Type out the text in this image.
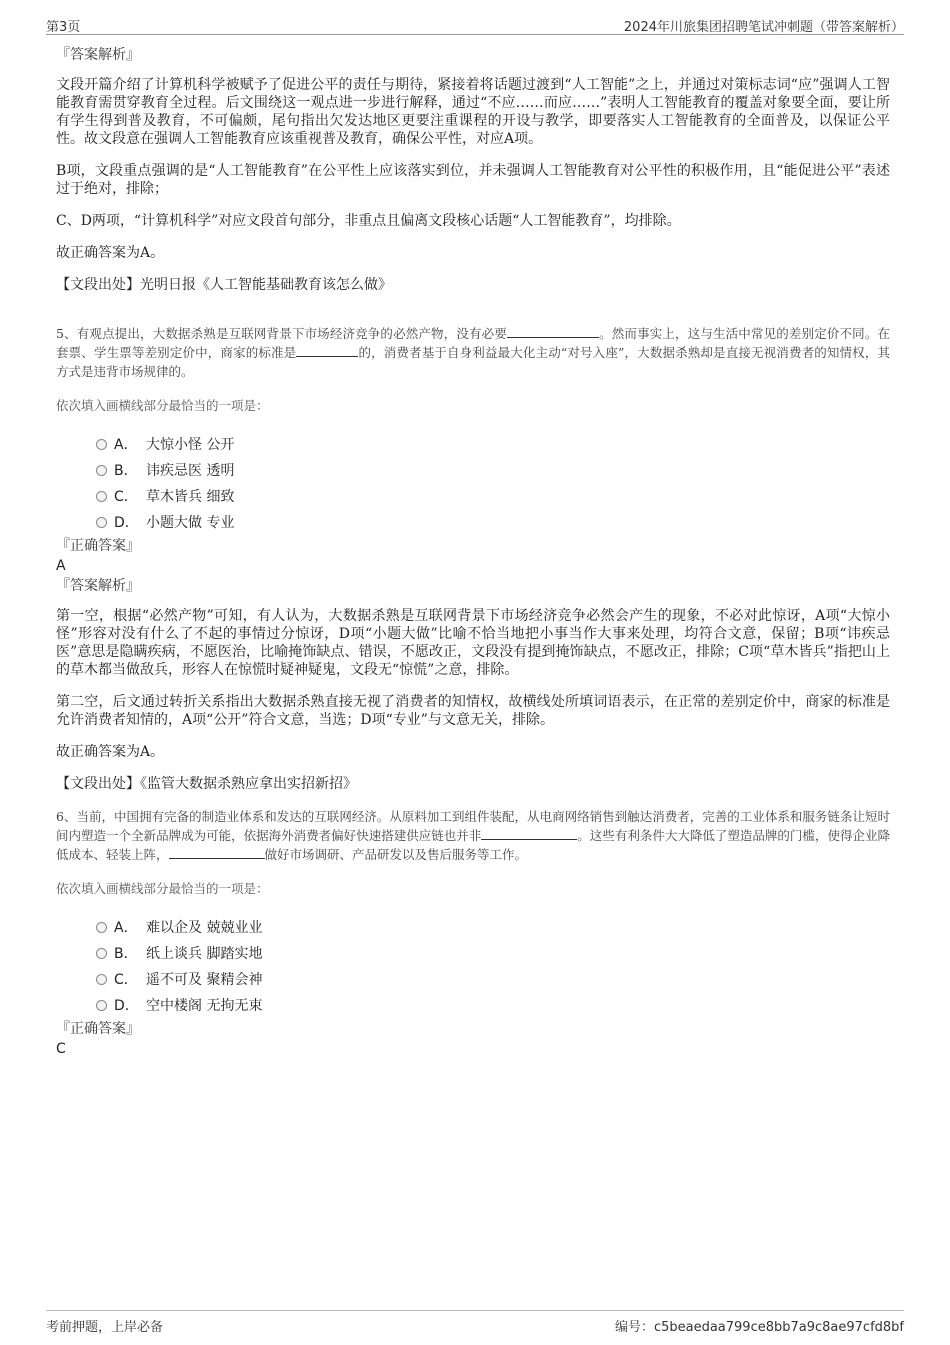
第3页	2024年川旅集团招聘笔试冲刺题（带答案解析）

『答案解析』

文段开篇介绍了计算机科学被赋予了促进公平的责任与期待，紧接着将话题过渡到“人工智能”之上，并通过对策标志词“应”强调人工智能教育需贯穿教育全过程。后文围绕这一观点进一步进行解释，通过“不应……而应……”表明人工智能教育的覆盖对象要全面，要让所有学生得到普及教育，不可偏颇，尾句指出欠发达地区更要注重课程的开设与教学，即要落实人工智能教育的全面普及，以保证公平性。故文段意在强调人工智能教育应该重视普及教育，确保公平性，对应A项。

B项，文段重点强调的是“人工智能教育”在公平性上应该落实到位，并未强调人工智能教育对公平性的积极作用，且“能促进公平”表述过于绝对，排除；

C、D两项，“计算机科学”对应文段首句部分，非重点且偏离文段核心话题“人工智能教育”，均排除。

故正确答案为A。

【文段出处】光明日报《人工智能基础教育该怎么做》

5、有观点提出，大数据杀熟是互联网背景下市场经济竞争的必然产物，没有必要	。然而事实上，这与生活中常见的差别定价不同。在套票、学生票等差别定价中，商家的标准是	的，消费者基于自身利益最大化主动“对号入座”，大数据杀熟却是直接无视消费者的知情权，其方式是违背市场规律的。

依次填入画横线部分最恰当的一项是：

A． 大惊小怪 公开
B． 讳疾忌医 透明
C． 草木皆兵 细致
D． 小题大做 专业

『正确答案』

A

『答案解析』

第一空，根据“必然产物”可知，有人认为，大数据杀熟是互联网背景下市场经济竞争必然会产生的现象，不必对此惊讶，A项“大惊小怪”形容对没有什么了不起的事情过分惊讶，D项“小题大做”比喻不恰当地把小事当作大事来处理，均符合文意，保留；B项“讳疾忌医”意思是隐瞒疾病，不愿医治，比喻掩饰缺点、错误，不愿改正，文段没有提到掩饰缺点，不愿改正，排除；C项“草木皆兵”指把山上的草木都当做敌兵，形容人在惊慌时疑神疑鬼，文段无“惊慌”之意，排除。

第二空，后文通过转折关系指出大数据杀熟直接无视了消费者的知情权，故横线处所填词语表示，在正常的差别定价中，商家的标准是允许消费者知情的，A项“公开”符合文意，当选；D项“专业”与文意无关，排除。

故正确答案为A。

【文段出处】《监管大数据杀熟应拿出实招新招》

6、当前，中国拥有完备的制造业体系和发达的互联网经济。从原料加工到组件装配，从电商网络销售到触达消费者，完善的工业体系和服务链条让短时间内塑造一个全新品牌成为可能，依据海外消费者偏好快速搭建供应链也并非	。这些有利条件大大降低了塑造品牌的门槛，使得企业降低成本、轻装上阵，	做好市场调研、产品研发以及售后服务等工作。

依次填入画横线部分最恰当的一项是：

A． 难以企及 兢兢业业
B． 纸上谈兵 脚踏实地
C． 遥不可及 聚精会神
D． 空中楼阁 无拘无束

『正确答案』

C

考前押题，上岸必备	编号：c5beaedaa799ce8bb7a9c8ae97cfd8bf
